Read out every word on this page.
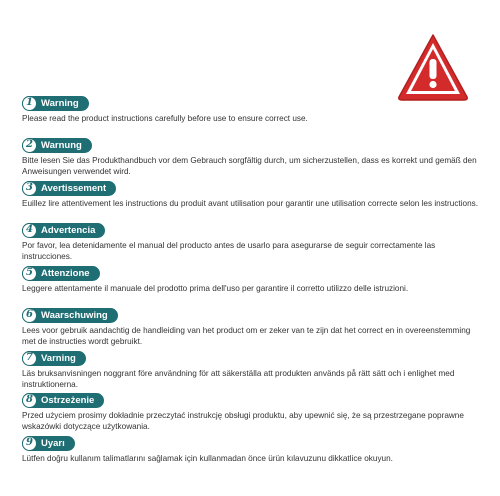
1 Warning
Please read the product instructions carefully before use to ensure correct use.
2 Warnung
Bitte lesen Sie das Produkthandbuch vor dem Gebrauch sorgfältig durch, um sicherzustellen, dass es korrekt und gemäß den Anweisungen verwendet wird.
3 Avertissement
Euillez lire attentivement les instructions du produit avant utilisation pour garantir une utilisation correcte selon les instructions.
4 Advertencia
Por favor, lea detenidamente el manual del producto antes de usarlo para asegurarse de seguir correctamente las instrucciones.
5 Attenzione
Leggere attentamente il manuale del prodotto prima dell'uso per garantire il corretto utilizzo delle istruzioni.
6 Waarschuwing
Lees voor gebruik aandachtig de handleiding van het product om er zeker van te zijn dat het correct en in overeenstemming met de instructies wordt gebruikt.
7 Varning
Läs bruksanvisningen noggrant före användning för att säkerställa att produkten används på rätt sätt och i enlighet med instruktionerna.
8 Ostrzeżenie
Przed użyciem prosimy dokładnie przeczytać instrukcję obsługi produktu, aby upewnić się, że są przestrzegane poprawne wskazówki dotyczące użytkowania.
9 Uyarı
Lütfen doğru kullanım talimatlarını sağlamak için kullanmadan önce ürün kılavuzunu dikkatlice okuyun.
